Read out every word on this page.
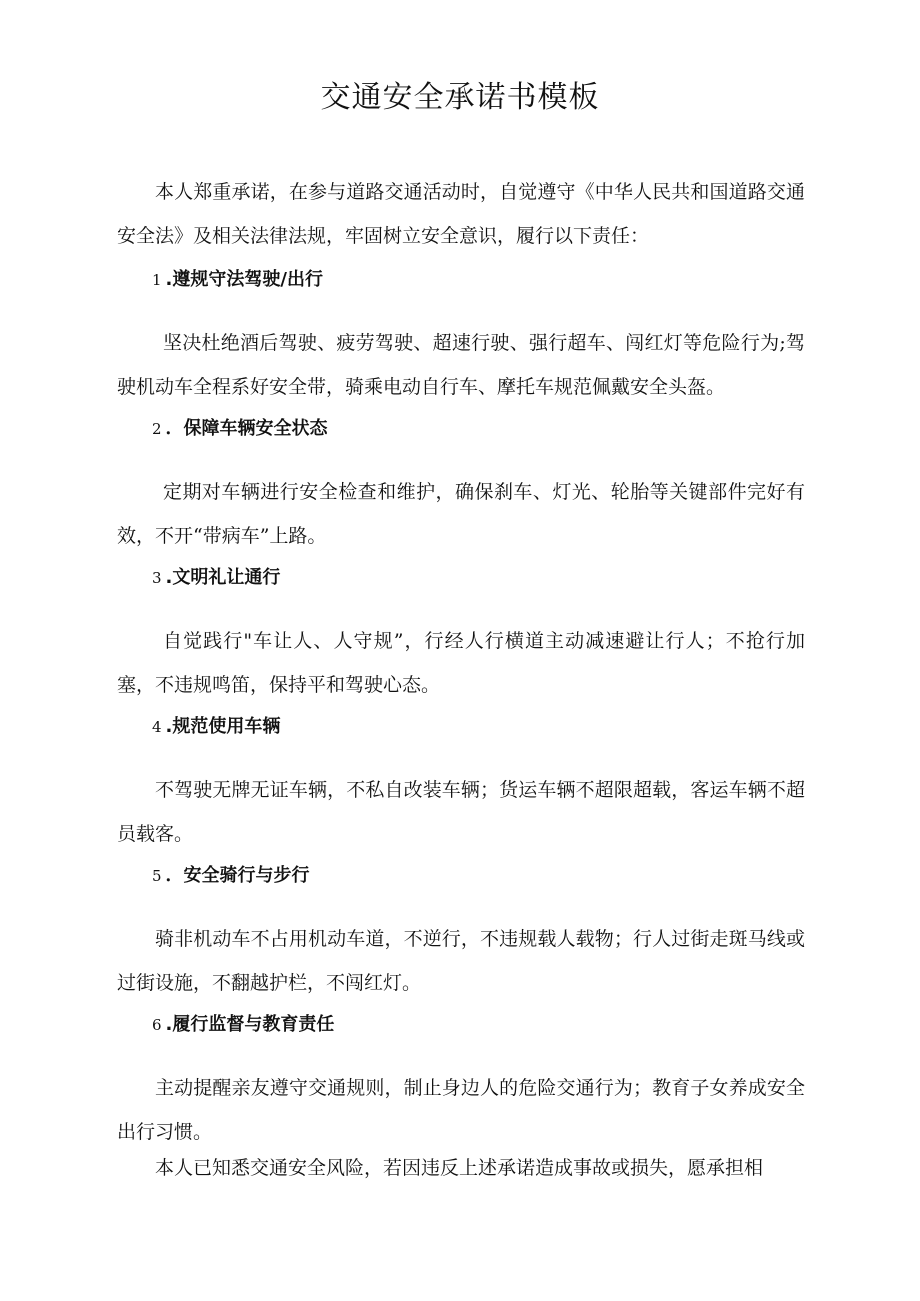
交通安全承诺书模板

本人郑重承诺，在参与道路交通活动时，自觉遵守《中华人民共和国道路交通安全法》及相关法律法规，牢固树立安全意识，履行以下责任：

1 .遵规守法驾驶/出行

坚决杜绝酒后驾驶、疲劳驾驶、超速行驶、强行超车、闯红灯等危险行为;驾驶机动车全程系好安全带，骑乘电动自行车、摩托车规范佩戴安全头盔。

2 ．保障车辆安全状态

定期对车辆进行安全检查和维护，确保刹车、灯光、轮胎等关键部件完好有效，不开“带病车”上路。

3 .文明礼让通行

自觉践行"车让人、人守规”，行经人行横道主动减速避让行人；不抢行加塞，不违规鸣笛，保持平和驾驶心态。

4 .规范使用车辆

不驾驶无牌无证车辆，不私自改装车辆；货运车辆不超限超载，客运车辆不超员载客。

5 ．安全骑行与步行

骑非机动车不占用机动车道，不逆行，不违规载人载物；行人过街走斑马线或过街设施，不翻越护栏，不闯红灯。

6 .履行监督与教育责任

主动提醒亲友遵守交通规则，制止身边人的危险交通行为；教育子女养成安全出行习惯。

本人已知悉交通安全风险，若因违反上述承诺造成事故或损失，愿承担相
